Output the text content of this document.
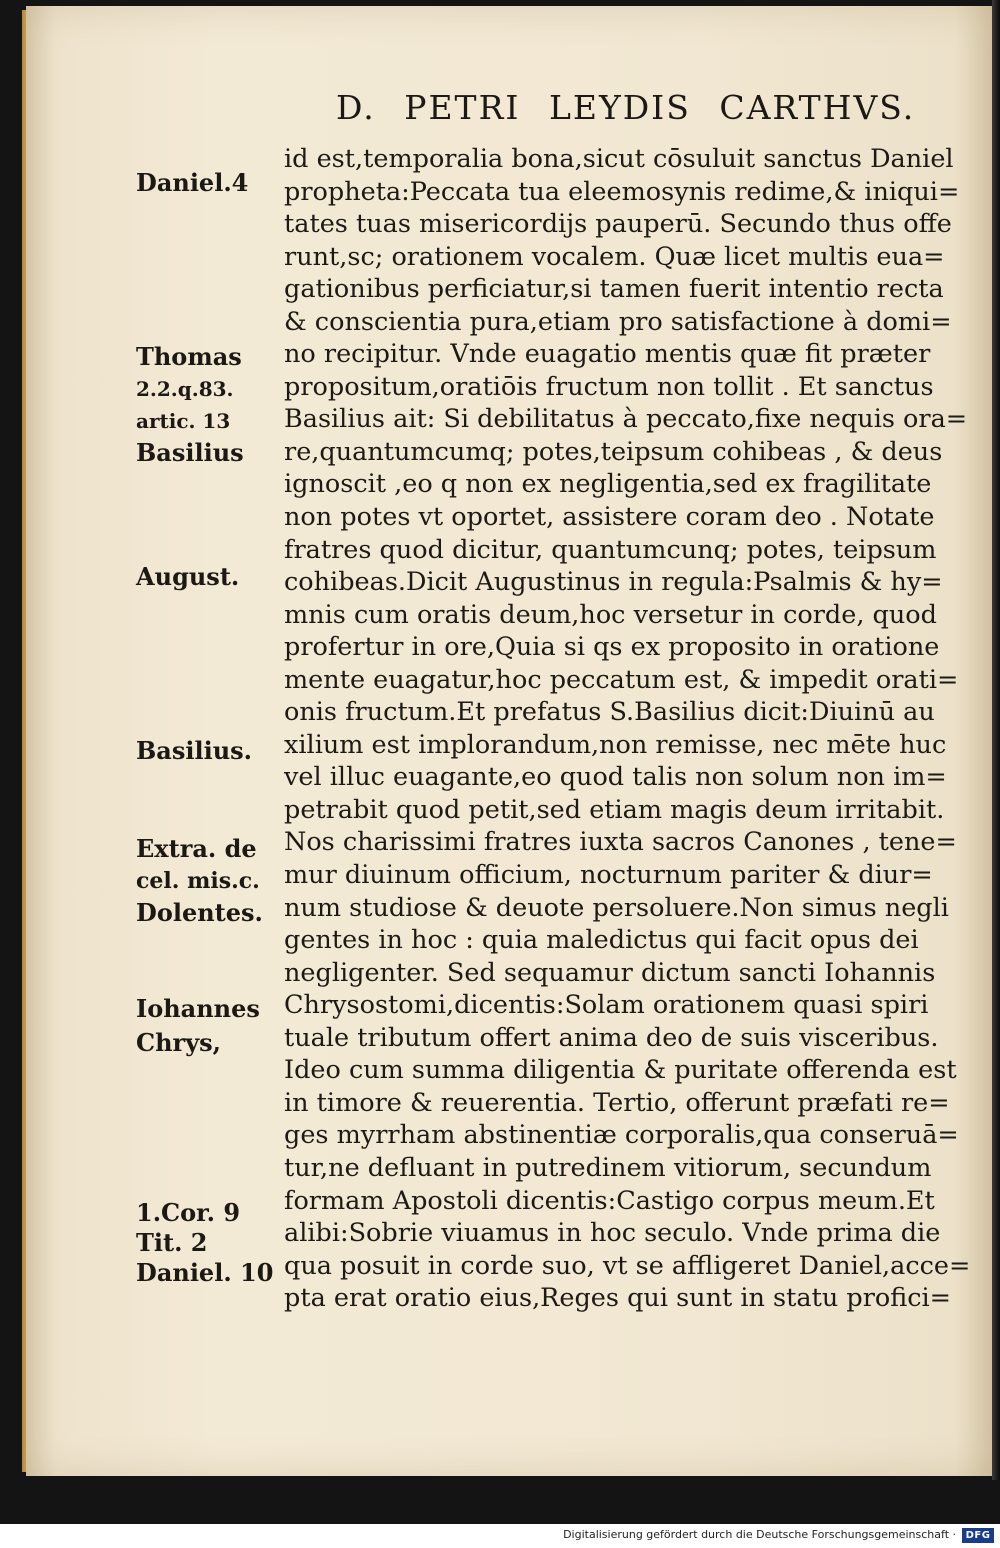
D. PETRI LEYDIS CARTHVS.
Daniel.4
Thomas
2.2.q.83.
artic. 13
Basilius
August.
Basilius.
Extra. de
cel. mis.c.
Dolentes.
Iohannes
Chrys,
1.Cor. 9
Tit. 2
Daniel. 10
id est,temporalia bona,sicut cōsuluit sanctus Daniel
propheta:Peccata tua eleemosynis redime,& iniqui=
tates tuas misericordijs pauperū. Secundo thus offe
runt,sc; orationem vocalem. Quæ licet multis eua=
gationibus perficiatur,si tamen fuerit intentio recta
& conscientia pura,etiam pro satisfactione à domi=
no recipitur. Vnde euagatio mentis quæ fit præter
propositum,oratiōis fructum non tollit . Et sanctus
Basilius ait: Si debilitatus à peccato,fixe nequis ora=
re,quantumcumq; potes,teipsum cohibeas , & deus
ignoscit ,eo q non ex negligentia,sed ex fragilitate
non potes vt oportet, assistere coram deo . Notate
fratres quod dicitur, quantumcunq; potes, teipsum
cohibeas.Dicit Augustinus in regula:Psalmis & hy=
mnis cum oratis deum,hoc versetur in corde, quod
profertur in ore,Quia si qs ex proposito in oratione
mente euagatur,hoc peccatum est, & impedit orati=
onis fructum.Et prefatus S.Basilius dicit:Diuinū au
xilium est implorandum,non remisse, nec mēte huc
vel illuc euagante,eo quod talis non solum non im=
petrabit quod petit,sed etiam magis deum irritabit.
Nos charissimi fratres iuxta sacros Canones , tene=
mur diuinum officium, nocturnum pariter & diur=
num studiose & deuote persoluere.Non simus negli
gentes in hoc : quia maledictus qui facit opus dei
negligenter. Sed sequamur dictum sancti Iohannis
Chrysostomi,dicentis:Solam orationem quasi spiri
tuale tributum offert anima deo de suis visceribus.
Ideo cum summa diligentia & puritate offerenda est
in timore & reuerentia. Tertio, offerunt præfati re=
ges myrrham abstinentiæ corporalis,qua conseruā=
tur,ne defluant in putredinem vitiorum, secundum
formam Apostoli dicentis:Castigo corpus meum.Et
alibi:Sobrie viuamus in hoc seculo. Vnde prima die
qua posuit in corde suo, vt se affligeret Daniel,acce=
pta erat oratio eius,Reges qui sunt in statu profici=
Digitalisierung gefördert durch die Deutsche Forschungsgemeinschaft · DFG
